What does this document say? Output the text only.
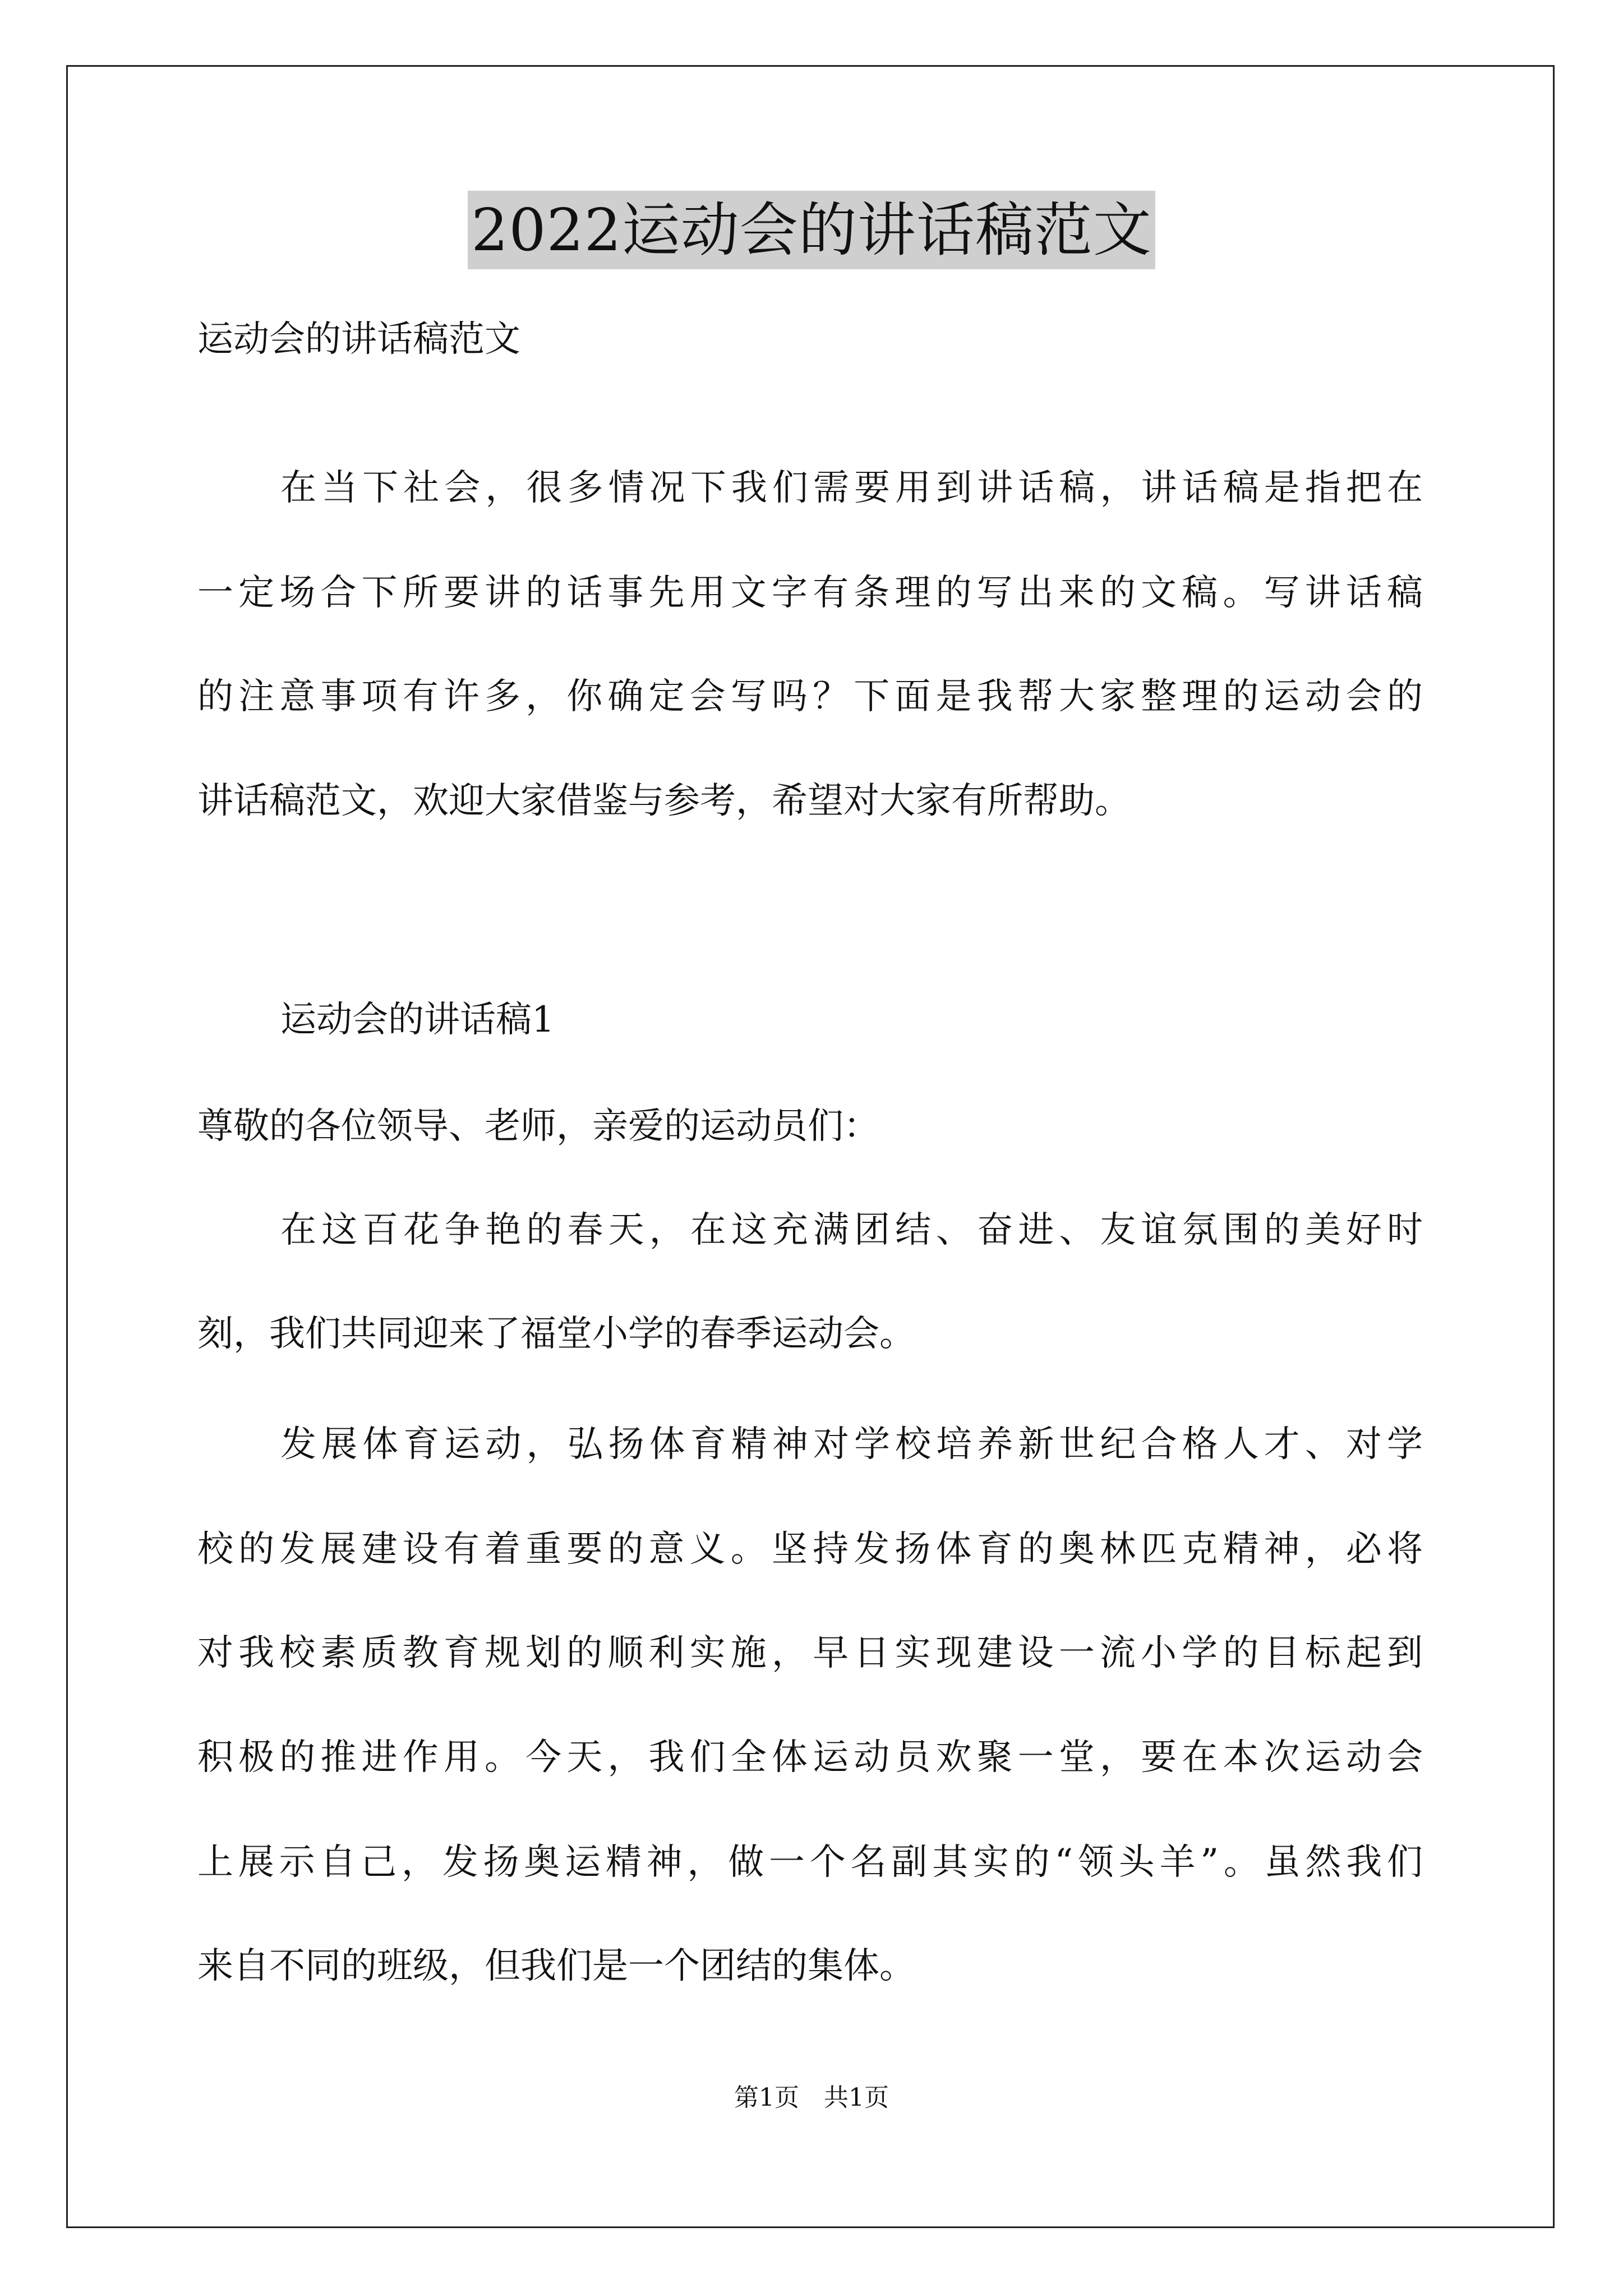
2022运动会的讲话稿范文
运动会的讲话稿范文
在当下社会，很多情况下我们需要用到讲话稿，讲话稿是指把在
一定场合下所要讲的话事先用文字有条理的写出来的文稿。写讲话稿
的注意事项有许多，你确定会写吗？下面是我帮大家整理的运动会的
讲话稿范文，欢迎大家借鉴与参考，希望对大家有所帮助。
运动会的讲话稿1
尊敬的各位领导、老师，亲爱的运动员们：
在这百花争艳的春天，在这充满团结、奋进、友谊氛围的美好时
刻，我们共同迎来了福堂小学的春季运动会。
发展体育运动，弘扬体育精神对学校培养新世纪合格人才、对学
校的发展建设有着重要的意义。坚持发扬体育的奥林匹克精神，必将
对我校素质教育规划的顺利实施，早日实现建设一流小学的目标起到
积极的推进作用。今天，我们全体运动员欢聚一堂，要在本次运动会
上展示自己，发扬奥运精神，做一个名副其实的“领头羊”。虽然我们
来自不同的班级，但我们是一个团结的集体。
第1页　共1页
